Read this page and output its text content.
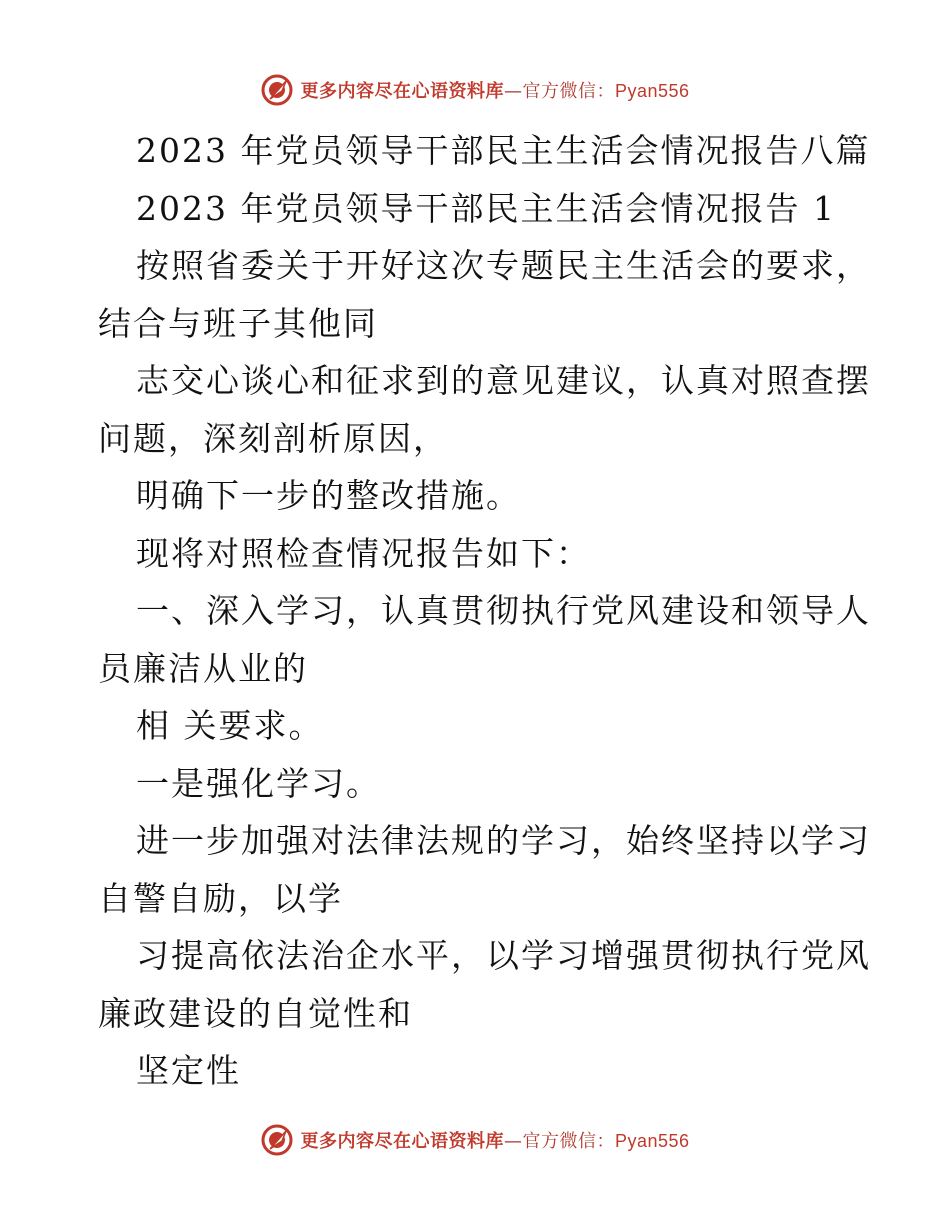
更多内容尽在心语资料库—官方微信：Pyan556
2023 年党员领导干部民主生活会情况报告八篇
2023 年党员领导干部民主生活会情况报告 1
按照省委关于开好这次专题民主生活会的要求，
结合与班子其他同
志交心谈心和征求到的意见建议，认真对照查摆
问题，深刻剖析原因，
明确下一步的整改措施。
现将对照检查情况报告如下：
一、深入学习，认真贯彻执行党风建设和领导人
员廉洁从业的
相 关要求。
一是强化学习。
进一步加强对法律法规的学习，始终坚持以学习
自警自励，以学
习提高依法治企水平，以学习增强贯彻执行党风
廉政建设的自觉性和
坚定性
更多内容尽在心语资料库—官方微信：Pyan556
